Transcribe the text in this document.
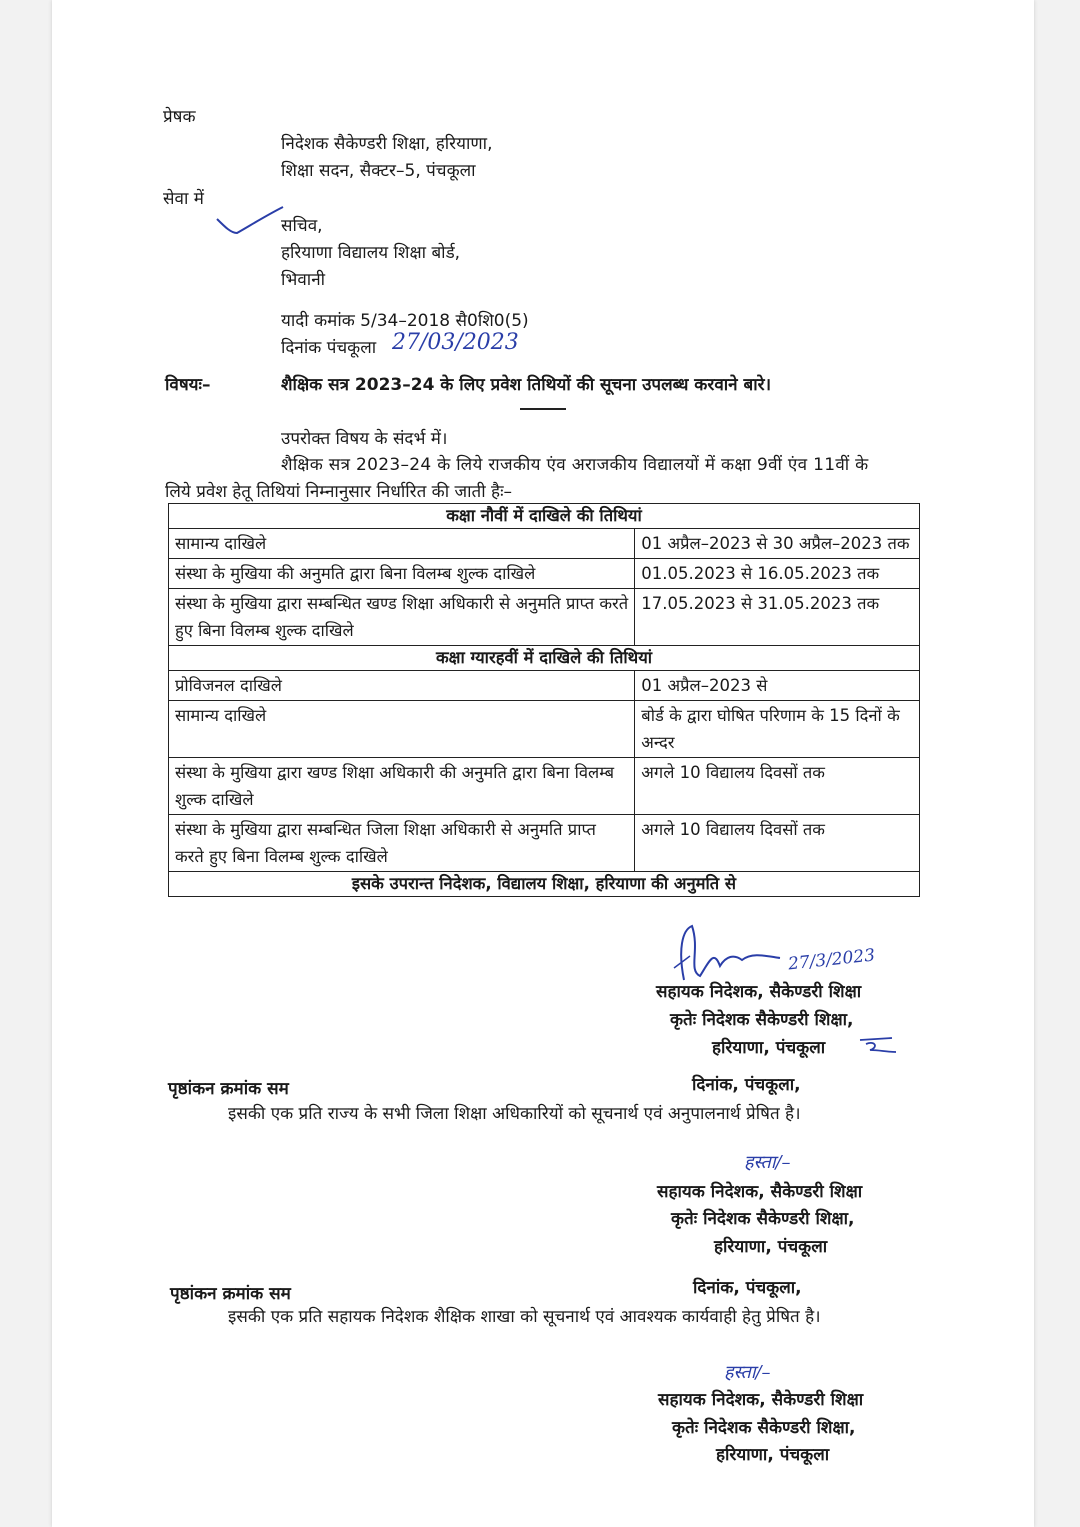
प्रेषक
निदेशक सैकेण्डरी शिक्षा, हरियाणा,
शिक्षा सदन, सैक्टर–5, पंचकूला
सेवा में
सचिव,
हरियाणा विद्यालय शिक्षा बोर्ड,
भिवानी
यादी कमांक 5/34–2018 सै0शि0(5)
दिनांक पंचकूला 27/03/2023
विषयः–	शैक्षिक सत्र 2023–24 के लिए प्रवेश तिथियों की सूचना उपलब्ध करवाने बारे।
उपरोक्त विषय के संदर्भ में।
शैक्षिक सत्र 2023–24 के लिये राजकीय एंव अराजकीय विद्यालयों में कक्षा 9वीं एंव 11वीं के
लिये प्रवेश हेतू तिथियां निम्नानुसार निर्धारित की जाती हैः–
कक्षा नौवीं में दाखिले की तिथियां	
सामान्य दाखिले	01 अप्रैल–2023 से 30 अप्रैल–2023 तक
संस्था के मुखिया की अनुमति द्वारा बिना विलम्ब शुल्क दाखिले	01.05.2023 से 16.05.2023 तक
संस्था के मुखिया द्वारा सम्बन्धित खण्ड शिक्षा अधिकारी से अनुमति प्राप्त करते हुए बिना विलम्ब शुल्क दाखिले	17.05.2023 से 31.05.2023 तक
कक्षा ग्यारहवीं में दाखिले की तिथियां	
प्रोविजनल दाखिले	01 अप्रैल–2023 से
सामान्य दाखिले	बोर्ड के द्वारा घोषित परिणाम के 15 दिनों के अन्दर
संस्था के मुखिया द्वारा खण्ड शिक्षा अधिकारी की अनुमति द्वारा बिना विलम्ब शुल्क दाखिले	अगले 10 विद्यालय दिवसों तक
संस्था के मुखिया द्वारा सम्बन्धित जिला शिक्षा अधिकारी से अनुमति प्राप्त करते हुए बिना विलम्ब शुल्क दाखिले	अगले 10 विद्यालय दिवसों तक
इसके उपरान्त निदेशक, विद्यालय शिक्षा, हरियाणा की अनुमति से	
27/3/2023
सहायक निदेशक, सैकेण्डरी शिक्षा
कृतेः निदेशक सैकेण्डरी शिक्षा,
हरियाणा, पंचकूला
पृष्ठांकन क्रमांक सम	दिनांक, पंचकूला,
इसकी एक प्रति राज्य के सभी जिला शिक्षा अधिकारियों को सूचनार्थ एवं अनुपालनार्थ प्रेषित है।
हस्ता/–
सहायक निदेशक, सैकेण्डरी शिक्षा
कृतेः निदेशक सैकेण्डरी शिक्षा,
हरियाणा, पंचकूला
पृष्ठांकन क्रमांक सम	दिनांक, पंचकूला,
इसकी एक प्रति सहायक निदेशक शैक्षिक शाखा को सूचनार्थ एवं आवश्यक कार्यवाही हेतु प्रेषित है।
हस्ता/–
सहायक निदेशक, सैकेण्डरी शिक्षा
कृतेः निदेशक सैकेण्डरी शिक्षा,
हरियाणा, पंचकूला
